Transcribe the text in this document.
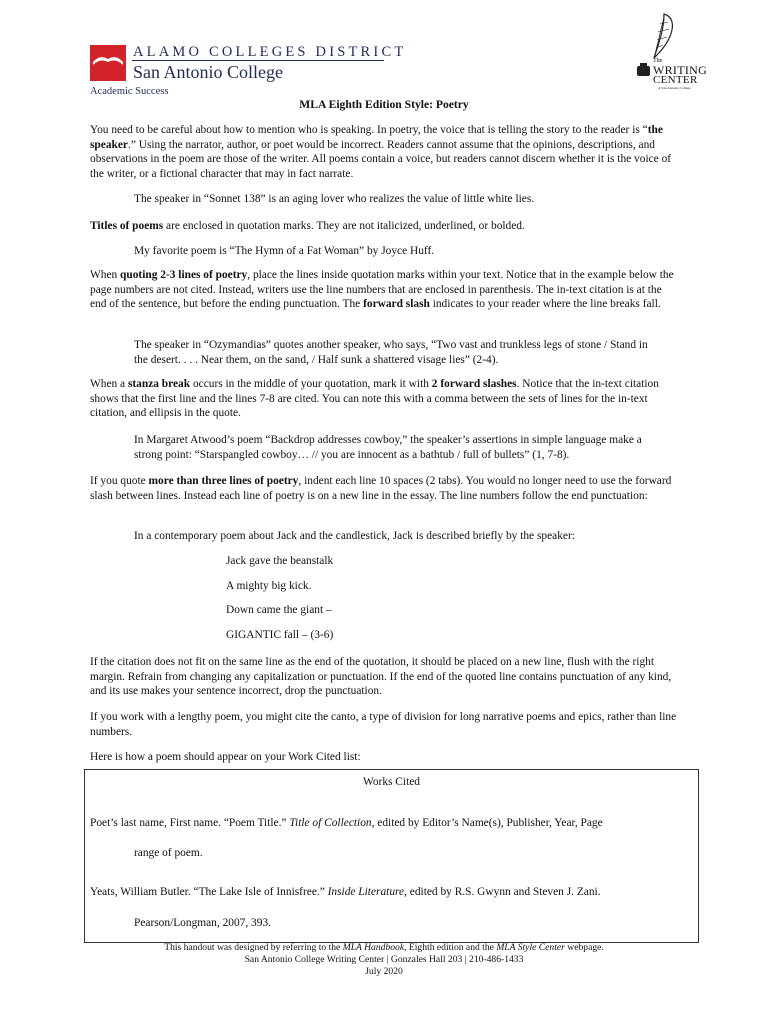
ALAMO COLLEGES DISTRICT
San Antonio College
Academic Success
The
WRITING
CENTER
at San Antonio College
MLA Eighth Edition Style: Poetry

You need to be careful about how to mention who is speaking. In poetry, the voice that is telling the story to the reader is “the speaker.” Using the narrator, author, or poet would be incorrect. Readers cannot assume that the opinions, descriptions, and observations in the poem are those of the writer. All poems contain a voice, but readers cannot discern whether it is the voice of the writer, or a fictional character that may in fact narrate.

The speaker in “Sonnet 138” is an aging lover who realizes the value of little white lies.

Titles of poems are enclosed in quotation marks. They are not italicized, underlined, or bolded.

My favorite poem is “The Hymn of a Fat Woman” by Joyce Huff.

When quoting 2-3 lines of poetry, place the lines inside quotation marks within your text. Notice that in the example below the page numbers are not cited. Instead, writers use the line numbers that are enclosed in parenthesis. The in-text citation is at the end of the sentence, but before the ending punctuation. The forward slash indicates to your reader where the line breaks fall.

The speaker in “Ozymandias” quotes another speaker, who says, “Two vast and trunkless legs of stone / Stand in the desert. . . . Near them, on the sand, / Half sunk a shattered visage lies” (2-4).

When a stanza break occurs in the middle of your quotation, mark it with 2 forward slashes. Notice that the in-text citation shows that the first line and the lines 7-8 are cited. You can note this with a comma between the sets of lines for the in-text citation, and ellipsis in the quote.

In Margaret Atwood’s poem “Backdrop addresses cowboy,” the speaker’s assertions in simple language make a strong point: “Starspangled cowboy… // you are innocent as a bathtub / full of bullets” (1, 7-8).

If you quote more than three lines of poetry, indent each line 10 spaces (2 tabs). You would no longer need to use the forward slash between lines. Instead each line of poetry is on a new line in the essay. The line numbers follow the end punctuation:

In a contemporary poem about Jack and the candlestick, Jack is described briefly by the speaker:

Jack gave the beanstalk

A mighty big kick.

Down came the giant –

GIGANTIC fall – (3-6)

If the citation does not fit on the same line as the end of the quotation, it should be placed on a new line, flush with the right margin. Refrain from changing any capitalization or punctuation. If the end of the quoted line contains punctuation of any kind, and its use makes your sentence incorrect, drop the punctuation.

If you work with a lengthy poem, you might cite the canto, a type of division for long narrative poems and epics, rather than line numbers.

Here is how a poem should appear on your Work Cited list:

Works Cited

Poet’s last name, First name. “Poem Title.” Title of Collection, edited by Editor’s Name(s), Publisher, Year, Page

range of poem.

Yeats, William Butler. “The Lake Isle of Innisfree.” Inside Literature, edited by R.S. Gwynn and Steven J. Zani.

Pearson/Longman, 2007, 393.

This handout was designed by referring to the MLA Handbook, Eighth edition and the MLA Style Center webpage.

San Antonio College Writing Center | Gonzales Hall 203 | 210-486-1433

July 2020
